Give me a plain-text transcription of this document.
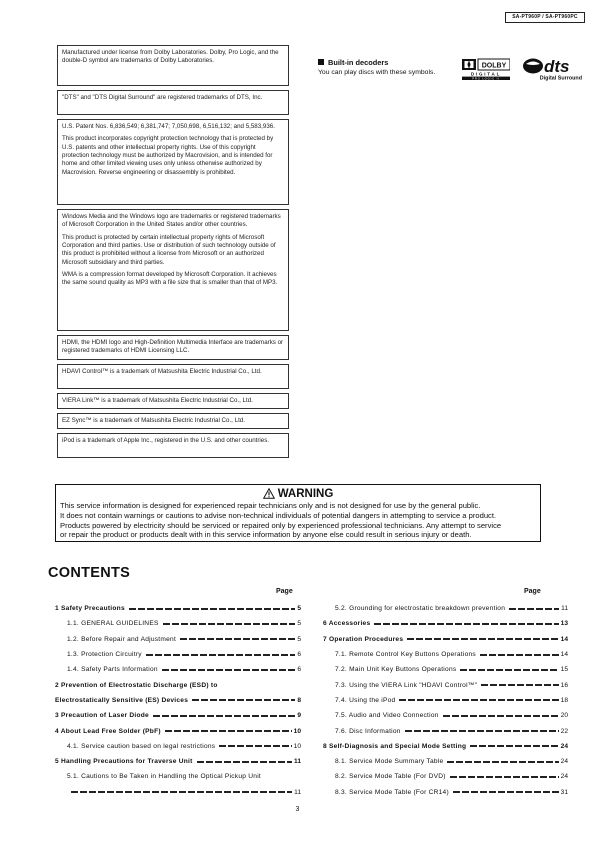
SA-PT960P / SA-PT960PC

Manufactured under license from Dolby Laboratories. Dolby, Pro Logic, and the double-D symbol are trademarks of Dolby Laboratories.

"DTS" and "DTS Digital Surround" are registered trademarks of DTS, Inc.

U.S. Patent Nos. 6,836,549; 6,381,747; 7,050,698, 6,516,132; and 5,583,936.

This product incorporates copyright protection technology that is protected by U.S. patents and other intellectual property rights. Use of this copyright protection technology must be authorized by Macrovision, and is intended for home and other limited viewing uses only unless otherwise authorized by Macrovision. Reverse engineering or disassembly is prohibited.

Windows Media and the Windows logo are trademarks or registered trademarks of Microsoft Corporation in the United States and/or other countries.

This product is protected by certain intellectual property rights of Microsoft Corporation and third parties. Use or distribution of such technology outside of this product is prohibited without a license from Microsoft or an authorized Microsoft subsidiary and third parties.

WMA is a compression format developed by Microsoft Corporation. It achieves the same sound quality as MP3 with a file size that is smaller than that of MP3.

HDMI, the HDMI logo and High-Definition Multimedia Interface are trademarks or registered trademarks of HDMI Licensing LLC.

HDAVI Control™ is a trademark of Matsushita Electric Industrial Co., Ltd.

VIERA Link™ is a trademark of Matsushita Electric Industrial Co., Ltd.

EZ Sync™ is a trademark of Matsushita Electric Industrial Co., Ltd.

iPod is a trademark of Apple Inc., registered in the U.S. and other countries.

Built-in decoders
You can play discs with these symbols.
DOLBY
DIGITAL
PRO LOGIC II
dts
Digital Surround
WARNING
This service information is designed for experienced repair technicians only and is not designed for use by the general public.
It does not contain warnings or cautions to advise non-technical individuals of potential dangers in attempting to service a product.
Products powered by electricity should be serviced or repaired only by experienced professional technicians. Any attempt to service
or repair the product or products dealt with in this service information by anyone else could result in serious injury or death.
CONTENTS
Page	Page
1 Safety Precautions	5
1.1. GENERAL GUIDELINES	5
1.2. Before Repair and Adjustment	5
1.3. Protection Circuitry	6
1.4. Safety Parts Information	6
2 Prevention of Electrostatic Discharge (ESD) to
Electrostatically Sensitive (ES) Devices	8
3 Precaution of Laser Diode	9
4 About Lead Free Solder (PbF)	10
4.1. Service caution based on legal restrictions	10
5 Handling Precautions for Traverse Unit	11
5.1. Cautions to Be Taken in Handling the Optical Pickup Unit
11
5.2. Grounding for electrostatic breakdown prevention	11
6 Accessories	13
7 Operation Procedures	14
7.1. Remote Control Key Buttons Operations	14
7.2. Main Unit Key Buttons Operations	15
7.3. Using the VIERA Link "HDAVI Control™"	16
7.4. Using the iPod	18
7.5. Audio and Video Connection	20
7.6. Disc Information	22
8 Self-Diagnosis and Special Mode Setting	24
8.1. Service Mode Summary Table	24
8.2. Service Mode Table (For DVD)	24
8.3. Service Mode Table (For CR14)	31
3
